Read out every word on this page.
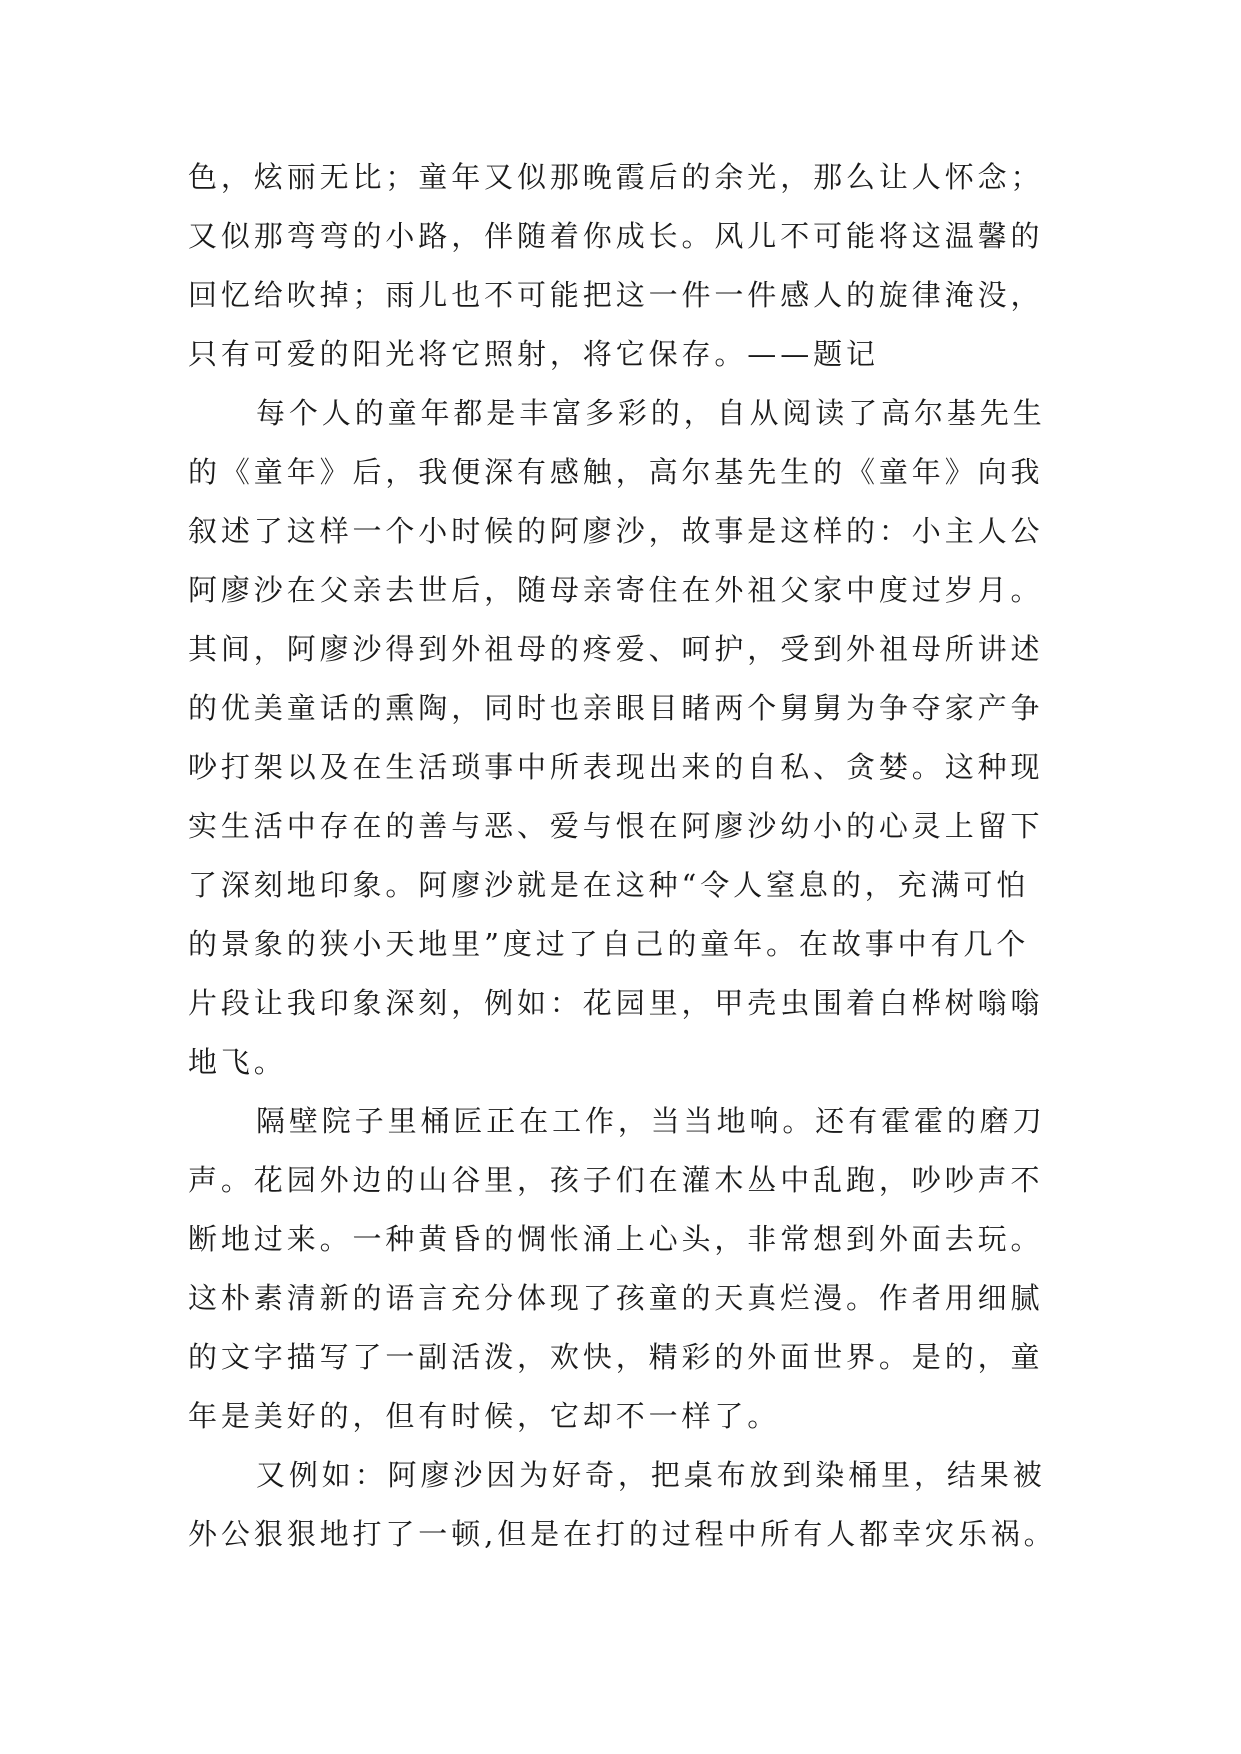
色，炫丽无比；童年又似那晚霞后的余光，那么让人怀念；
又似那弯弯的小路，伴随着你成长。风儿不可能将这温馨的
回忆给吹掉；雨儿也不可能把这一件一件感人的旋律淹没，
只有可爱的阳光将它照射，将它保存。——题记
每个人的童年都是丰富多彩的，自从阅读了高尔基先生
的《童年》后，我便深有感触，高尔基先生的《童年》向我
叙述了这样一个小时候的阿廖沙，故事是这样的：小主人公
阿廖沙在父亲去世后，随母亲寄住在外祖父家中度过岁月。
其间，阿廖沙得到外祖母的疼爱、呵护，受到外祖母所讲述
的优美童话的熏陶，同时也亲眼目睹两个舅舅为争夺家产争
吵打架以及在生活琐事中所表现出来的自私、贪婪。这种现
实生活中存在的善与恶、爱与恨在阿廖沙幼小的心灵上留下
了深刻地印象。阿廖沙就是在这种“令人窒息的，充满可怕
的景象的狭小天地里”度过了自己的童年。在故事中有几个
片段让我印象深刻，例如：花园里，甲壳虫围着白桦树嗡嗡
地飞。
隔壁院子里桶匠正在工作，当当地响。还有霍霍的磨刀
声。花园外边的山谷里，孩子们在灌木丛中乱跑，吵吵声不
断地过来。一种黄昏的惆怅涌上心头，非常想到外面去玩。
这朴素清新的语言充分体现了孩童的天真烂漫。作者用细腻
的文字描写了一副活泼，欢快，精彩的外面世界。是的，童
年是美好的，但有时候，它却不一样了。
又例如：阿廖沙因为好奇，把桌布放到染桶里，结果被
外公狠狠地打了一顿,但是在打的过程中所有人都幸灾乐祸。
